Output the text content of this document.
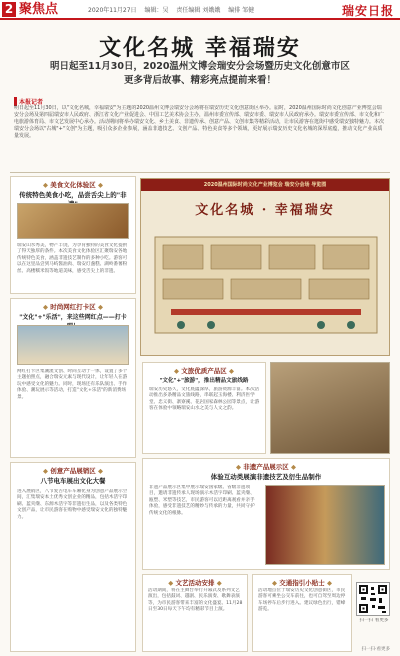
2 聚焦点	2020年11月27日 编辑：吴 责任编辑 刘娥娥 编排 邹健	瑞安日报
文化名城 幸福瑞安
明日起至11月30日，2020温州文博会瑞安分会场暨历史文化创意市区
更多背后故事、精彩亮点提前来看！
本报记者
明日起至11月30日，以"文化名城，幸福瑞安"为主题的2020温州文博会瑞安分会场将在瑞安历史文化创意街区举办。届时，2020温州国际时尚文化创意产业博览会瑞安分会场及第四届瑞安市人民政府、浙江省文化产业促进会、中国工艺美术协会主办，温州市委宣传部、瑞安市委、瑞安市人民政府承办。瑞安市委宣传部、市文化和广电旅游体育局、市文艺发展中心承办。活动期间将举办瑞安文化、乡土美食、非遗传承、创意产品、文创市集等精彩活动，让市民游客在逛街中感受瑞安独特魅力。本次瑞安分会场以"古城"+"文创"为主题，吸引众多企业参展，涵盖非遗技艺、文创产品、特色美食等多个领域，更好展示瑞安历史文化名城的深厚底蕴，推动文化产业高质量发展。
◆ 美食文化体验区 ◆
传统特色美食小吃，品尝舌尖上的"非
瑞安山水秀美，物产丰饶，为孕育独特的美食文化提供了得天独厚的条件。本次美食文化体验区汇聚瑞安各地传统特色美食，涵盖非遗技艺制作的多种小吃。游客可以在这里品尝到马屿酱油肉、瑞安灯盏糕、湖岭番薯粉丝、高楼糯米饭等地道美味，感受舌尖上的非遗。
2020温州国际时尚文化产业博览会 瑞安分会场 导览图
文化名城 · 幸福瑞安
◆ 时尚网红打卡区 ◆
"文化"+"乐活"，来这些网红点——打卡
网红打卡区集潮流文创、时尚互动于一体，设置了多个主题拍照点，融合瑞安元素与现代设计，让年轻人在游玩中感受文化的魅力。同时，现场还有乐队演出、手作体验、潮玩展示等活动，打造"文化+乐活"的新消费场景。
◆ 文旅优质产品区 ◆
"文化"+"旅游"，推出精品文旅线路
瑞安历史悠久，文化底蕴深厚，旅游资源丰富。本次活动推出多条精品文旅线路，串联起玉海楼、利济医学堂、忠义街、寨寮溪、花岩国家森林公园等景点，让游客在体验中领略瑞安山水之美与人文之韵。
◆ 创意产品展销区 ◆
八节电车展出文化大餐
进入展销区，八节复古电车车厢化身为创意产品展示空间，汇集瑞安本土优秀文创企业的精品，包括木活字印刷、蓝夹缬、东源木活字等非遗衍生品，以及各类特色文创产品，让市民游客在购物中感受瑞安文化的独特魅力。
◆ 非遗产品展示区 ◆
体验互动类展演非遗技艺及衍生品制作
非遗产品展示区集中展示瑞安国家级、省级非遗项目，邀请非遗传承人现场演示木活字印刷、蓝夹缬、瓯塑、米塑等技艺，市民游客可以近距离观看并亲手体验，感受非遗技艺的精妙与传承的力量，共同守护传统文化的根脉。
◆ 文艺活动安排 ◆
活动期间，将在主舞台举行开幕式及系列文艺演出，包括鼓词、越剧、民乐演奏、歌舞表演等，为市民游客带来丰富的文化盛宴。11月28日至30日每天下午均有精彩节目上演。
◆ 交通指引小贴士 ◆
活动地点位于瑞安历史文化创意街区，市民游客可乘坐公交车前往，也可自驾至周边停车场停车后步行进入。建议绿色出行，错峰游览。
扫一扫 看更多
扫一扫·看更多
